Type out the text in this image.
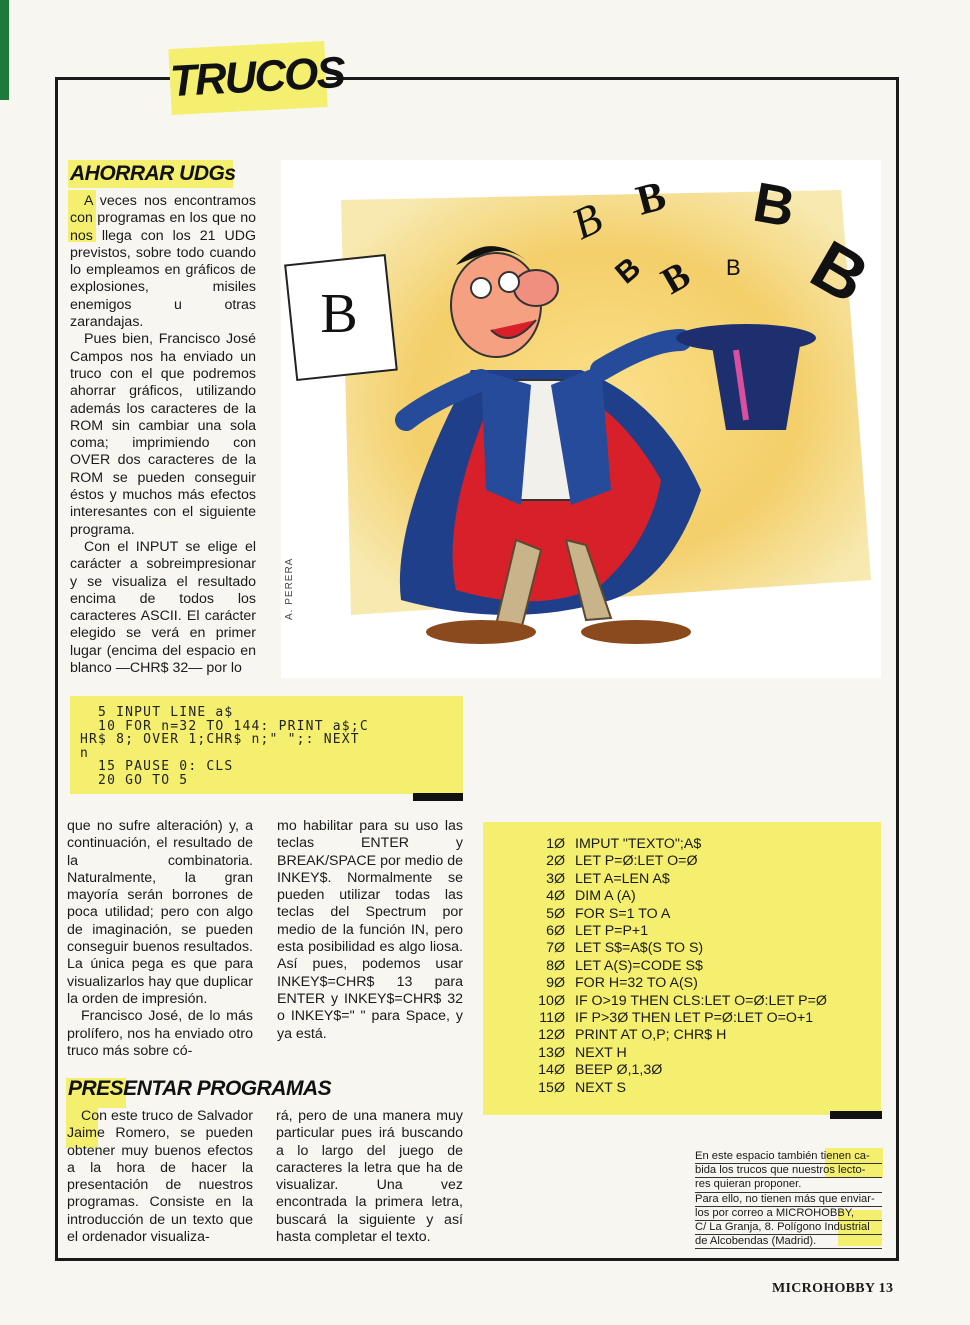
TRUCOS
AHORRAR UDGs

A veces nos encontramos con programas en los que no nos llega con los 21 UDG previstos, sobre todo cuando lo empleamos en gráficos de explosiones, misiles enemigos u otras zarandajas.

Pues bien, Francisco José Campos nos ha enviado un truco con el que podremos ahorrar gráficos, utilizando además los caracteres de la ROM sin cambiar una sola coma; imprimiendo con OVER dos caracteres de la ROM se pueden conseguir éstos y muchos más efectos interesantes con el siguiente programa.

Con el INPUT se elige el carácter a sobreimpresionar y se visualiza el resultado encima de todos los caracteres ASCII. El carácter elegido se verá en primer lugar (encima del espacio en blanco —CHR$ 32— por lo

B
B B B
B
B B B
A. PERERA
5 INPUT LINE a$
10 FOR n=32 TO 144: PRINT a$;C
HR$ 8; OVER 1;CHR$ n;" ";: NEXT
n
15 PAUSE 0: CLS
20 GO TO 5

que no sufre alteración) y, a continuación, el resultado de la combinatoria. Naturalmente, la gran mayoría serán borrones de poca utilidad; pero con algo de imaginación, se pueden conseguir buenos resultados. La única pega es que para visualizarlos hay que duplicar la orden de impresión.

Francisco José, de lo más prolífero, nos ha enviado otro truco más sobre có-

mo habilitar para su uso las teclas ENTER y BREAK/SPACE por medio de INKEY$. Normalmente se pueden utilizar todas las teclas del Spectrum por medio de la función IN, pero esta posibilidad es algo liosa. Así pues, podemos usar INKEY$=CHR$ 13 para ENTER y INKEY$=CHR$ 32 o INKEY$=" " para Space, y ya está.

1Ø IMPUT "TEXTO";A$
2Ø LET P=Ø:LET O=Ø
3Ø LET A=LEN A$
4Ø DIM A (A)
5Ø FOR S=1 TO A
6Ø LET P=P+1
7Ø LET S$=A$(S TO S)
8Ø LET A(S)=CODE S$
9Ø FOR H=32 TO A(S)
10Ø IF O>19 THEN CLS:LET O=Ø:LET P=Ø
11Ø IF P>3Ø THEN LET P=Ø:LET O=O+1
12Ø PRINT AT O,P; CHR$ H
13Ø NEXT H
14Ø BEEP Ø,1,3Ø
15Ø NEXT S
PRESENTAR PROGRAMAS

Con este truco de Salvador Jaime Romero, se pueden obtener muy buenos efectos a la hora de hacer la presentación de nuestros programas. Consiste en la introducción de un texto que el ordenador visualiza-

rá, pero de una manera muy particular pues irá buscando a lo largo del juego de caracteres la letra que ha de visualizar. Una vez encontrada la primera letra, buscará la siguiente y así hasta completar el texto.

En este espacio también tienen ca-
bida los trucos que nuestros lecto-
res quieran proponer.
Para ello, no tienen más que enviar-
los por correo a MICROHOBBY,
C/ La Granja, 8. Polígono Industrial
de Alcobendas (Madrid).
MICROHOBBY 13
